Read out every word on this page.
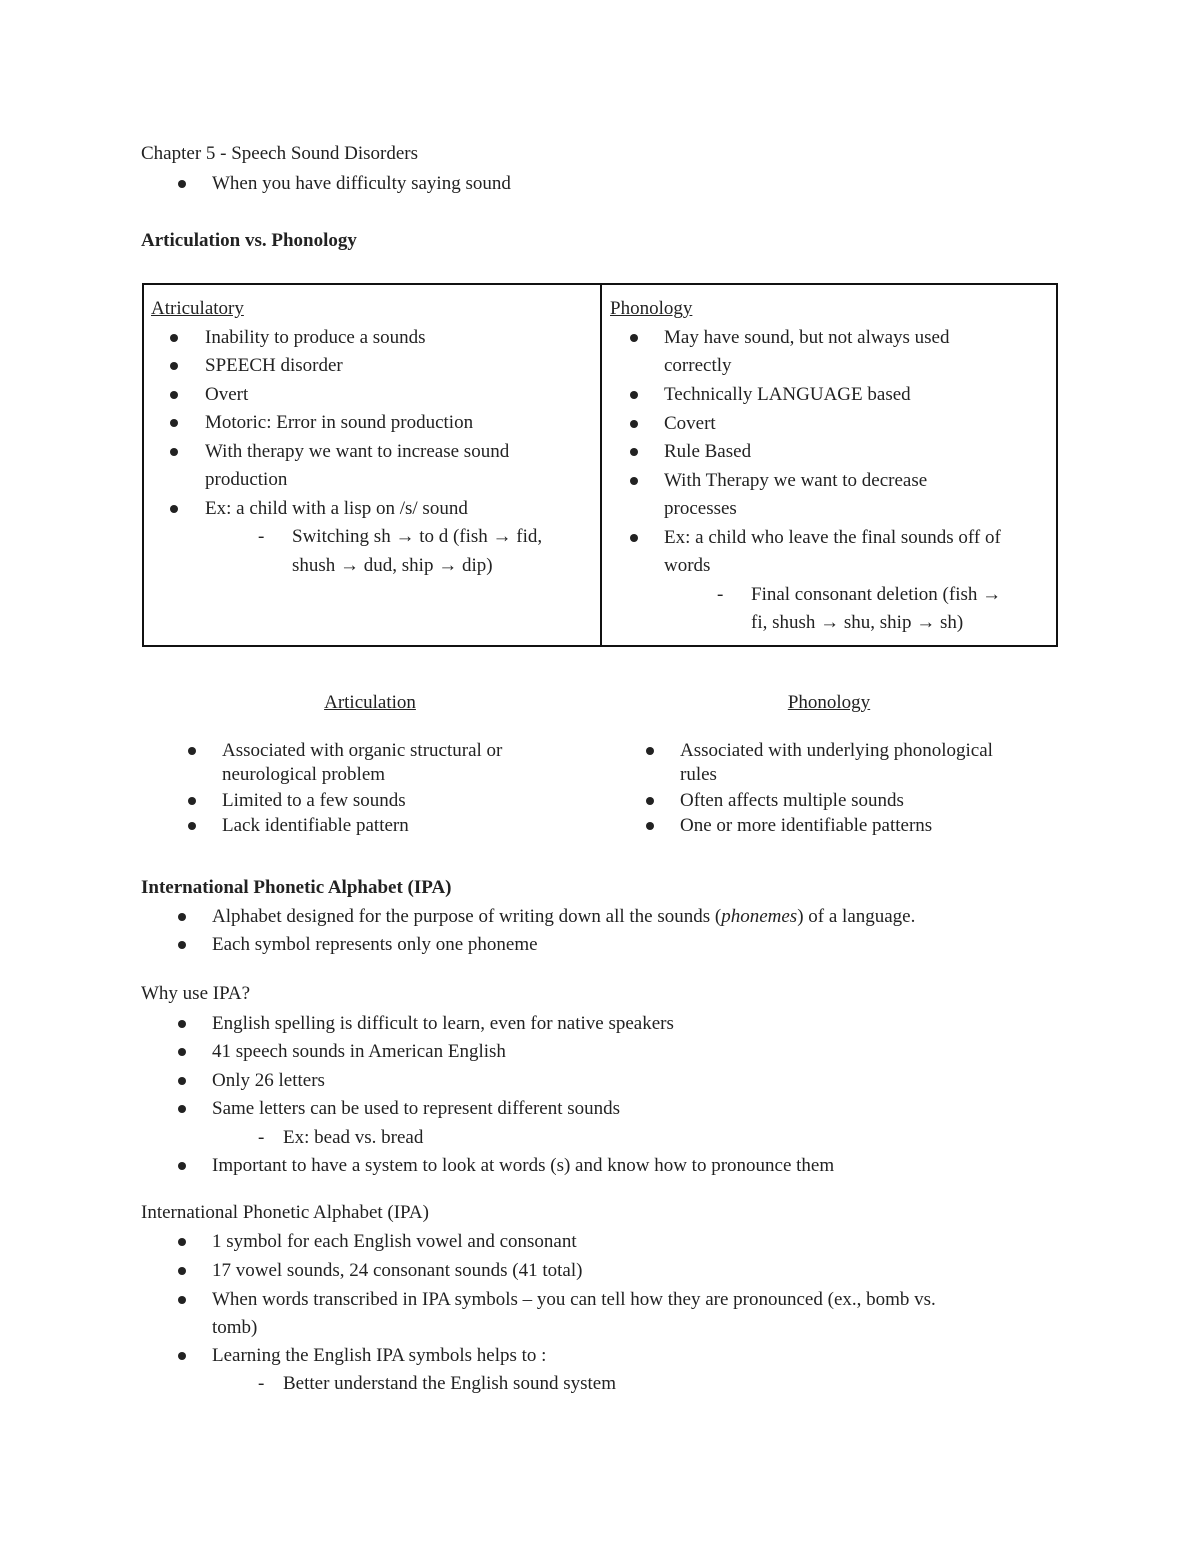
Chapter 5 - Speech Sound Disorders
When you have difficulty saying sound
Articulation vs. Phonology
Atriculatory
Inability to produce a sounds
SPEECH disorder
Overt
Motoric: Error in sound production
With therapy we want to increase sound
production
Ex: a child with a lisp on /s/ sound
- Switching sh → to d (fish → fid,
shush → dud, ship → dip)
Phonology
May have sound, but not always used
correctly
Technically LANGUAGE based
Covert
Rule Based
With Therapy we want to decrease
processes
Ex: a child who leave the final sounds off of
words
- Final consonant deletion (fish →
fi, shush → shu, ship → sh)
Articulation	Phonology
Associated with organic structural or
neurological problem
Limited to a few sounds
Lack identifiable pattern
Associated with underlying phonological
rules
Often affects multiple sounds
One or more identifiable patterns
International Phonetic Alphabet (IPA)
Alphabet designed for the purpose of writing down all the sounds (phonemes) of a language.
Each symbol represents only one phoneme
Why use IPA?
English spelling is difficult to learn, even for native speakers
41 speech sounds in American English
Only 26 letters
Same letters can be used to represent different sounds
- Ex: bead vs. bread
Important to have a system to look at words (s) and know how to pronounce them
International Phonetic Alphabet (IPA)
1 symbol for each English vowel and consonant
17 vowel sounds, 24 consonant sounds (41 total)
When words transcribed in IPA symbols – you can tell how they are pronounced (ex., bomb vs.
tomb)
Learning the English IPA symbols helps to :
- Better understand the English sound system
